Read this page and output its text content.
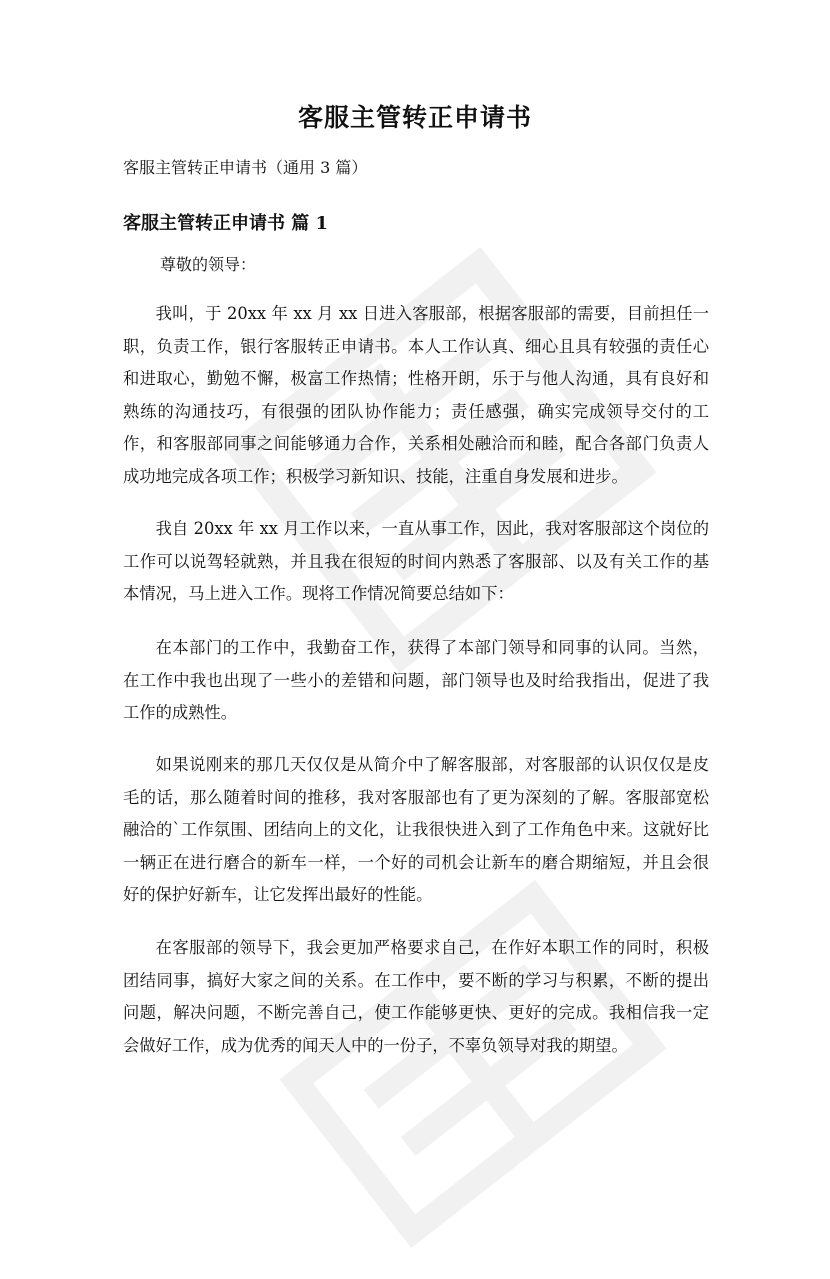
客服主管转正申请书
客服主管转正申请书（通用 3 篇）
客服主管转正申请书 篇 1
尊敬的领导：

我叫，于 20xx 年 xx 月 xx 日进入客服部，根据客服部的需要，目前担任一职，负责工作，银行客服转正申请书。本人工作认真、细心且具有较强的责任心和进取心，勤勉不懈，极富工作热情；性格开朗，乐于与他人沟通，具有良好和熟练的沟通技巧，有很强的团队协作能力；责任感强，确实完成领导交付的工作，和客服部同事之间能够通力合作，关系相处融洽而和睦，配合各部门负责人成功地完成各项工作；积极学习新知识、技能，注重自身发展和进步。

我自 20xx 年 xx 月工作以来，一直从事工作，因此，我对客服部这个岗位的工作可以说驾轻就熟，并且我在很短的时间内熟悉了客服部、以及有关工作的基本情况，马上进入工作。现将工作情况简要总结如下：

在本部门的工作中，我勤奋工作，获得了本部门领导和同事的认同。当然，在工作中我也出现了一些小的差错和问题，部门领导也及时给我指出，促进了我工作的成熟性。

如果说刚来的那几天仅仅是从简介中了解客服部，对客服部的认识仅仅是皮毛的话，那么随着时间的推移，我对客服部也有了更为深刻的了解。客服部宽松融洽的`工作氛围、团结向上的文化，让我很快进入到了工作角色中来。这就好比一辆正在进行磨合的新车一样，一个好的司机会让新车的磨合期缩短，并且会很好的保护好新车，让它发挥出最好的性能。

在客服部的领导下，我会更加严格要求自己，在作好本职工作的同时，积极团结同事，搞好大家之间的关系。在工作中，要不断的学习与积累，不断的提出问题，解决问题，不断完善自己，使工作能够更快、更好的完成。我相信我一定会做好工作，成为优秀的闻天人中的一份子，不辜负领导对我的期望。
